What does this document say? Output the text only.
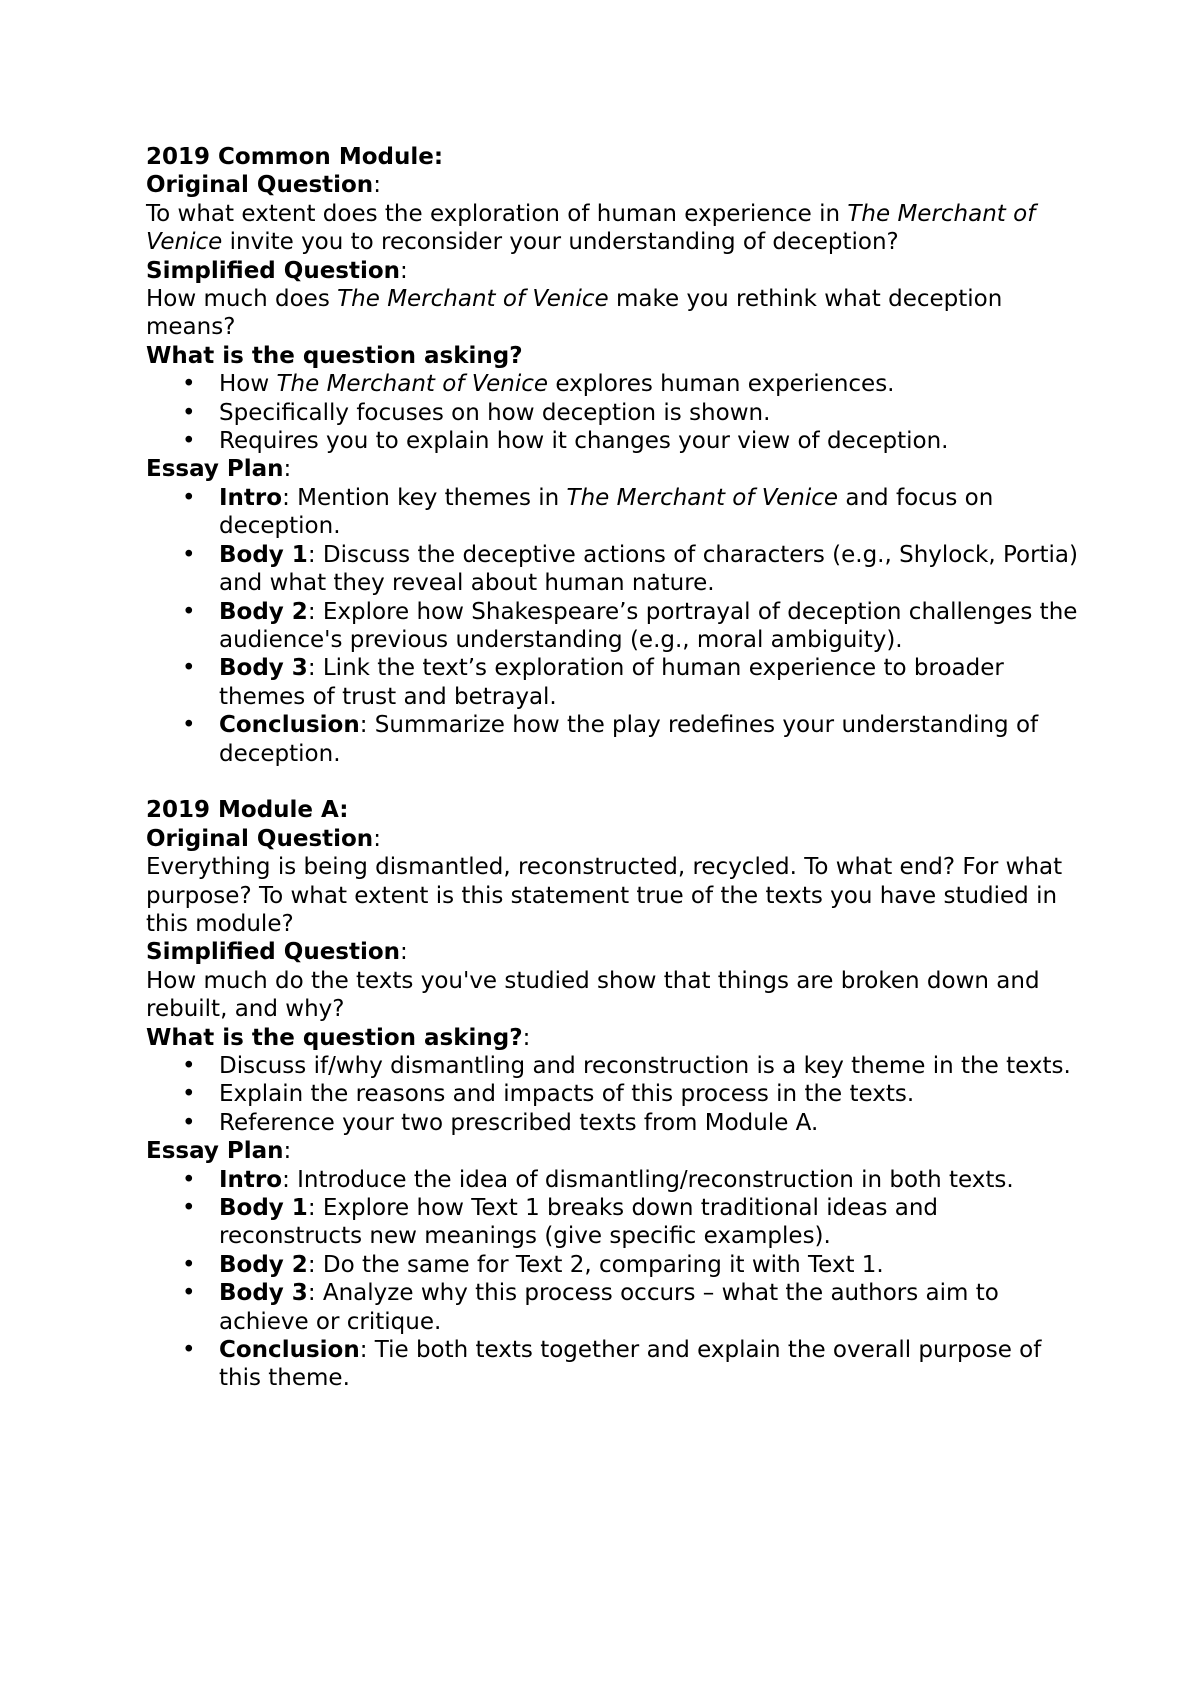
2019 Common Module:

Original Question:

To what extent does the exploration of human experience in The Merchant of Venice invite you to reconsider your understanding of deception?

Simplified Question:

How much does The Merchant of Venice make you rethink what deception means?

What is the question asking?

• How The Merchant of Venice explores human experiences.
• Specifically focuses on how deception is shown.
• Requires you to explain how it changes your view of deception.

Essay Plan:

• Intro: Mention key themes in The Merchant of Venice and focus on deception.
• Body 1: Discuss the deceptive actions of characters (e.g., Shylock, Portia) and what they reveal about human nature.
• Body 2: Explore how Shakespeare’s portrayal of deception challenges the audience's previous understanding (e.g., moral ambiguity).
• Body 3: Link the text’s exploration of human experience to broader themes of trust and betrayal.
• Conclusion: Summarize how the play redefines your understanding of deception.

2019 Module A:

Original Question:

Everything is being dismantled, reconstructed, recycled. To what end? For what purpose? To what extent is this statement true of the texts you have studied in this module?

Simplified Question:

How much do the texts you've studied show that things are broken down and rebuilt, and why?

What is the question asking?:

• Discuss if/why dismantling and reconstruction is a key theme in the texts.
• Explain the reasons and impacts of this process in the texts.
• Reference your two prescribed texts from Module A.

Essay Plan:

• Intro: Introduce the idea of dismantling/reconstruction in both texts.
• Body 1: Explore how Text 1 breaks down traditional ideas and reconstructs new meanings (give specific examples).
• Body 2: Do the same for Text 2, comparing it with Text 1.
• Body 3: Analyze why this process occurs – what the authors aim to achieve or critique.
• Conclusion: Tie both texts together and explain the overall purpose of this theme.
